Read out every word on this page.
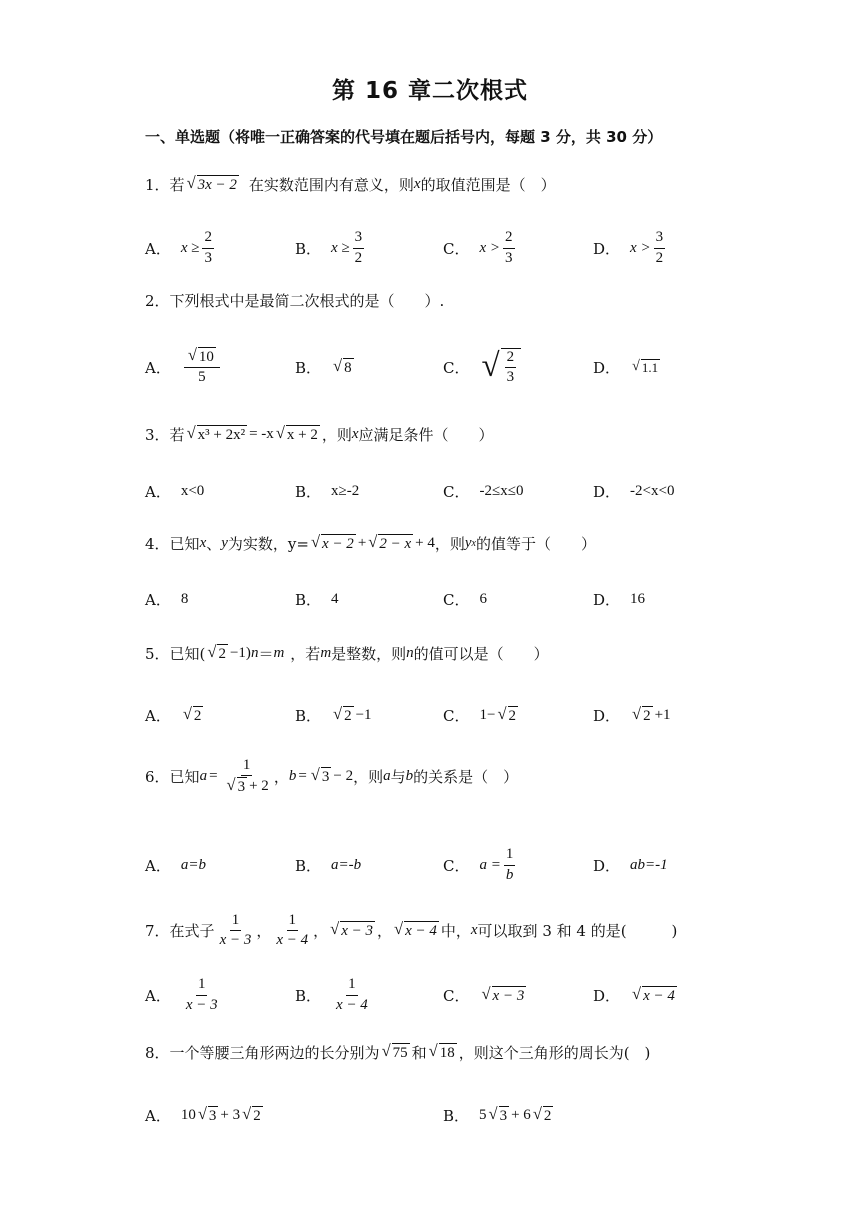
第 16 章二次根式
一、单选题（将唯一正确答案的代号填在题后括号内，每题 3 分，共 30 分）
1． 若 √ 3x − 2 在实数范围内有意义，则 x 的取值范围是（　）
A． $x \ge \frac{2}{3}$	B． $x \ge \frac{3}{2}$	C． $x > \frac{2}{3}$	D． $x > \frac{3}{2}$
2． 下列根式中是最简二次根式的是（　　）.
A． $\frac{√ 10}{5}$	B． √ 8	C． √ $\frac{2}{3}$	D． √ 1.1
3． 若 √ x³ + 2x² = -x √ x + 2 ，则 x 应满足条件（　　）
A． x<0	B． x≥-2	C． -2≤x≤0	D． -2<x<0
4． 已知 x 、 y 为实数，y= √ x − 2 + √ 2 − x + 4 ，则 y x 的值等于（　　）
A． 8	B． 4	C． 6	D． 16
5． 已知( √ 2 −1) n ＝ m ，若 m 是整数，则 n 的值可以是（　　）
A． √ 2	B． √ 2 −1	C． 1− √ 2	D． √ 2 +1
6． 已知 $a = \frac{1}{√ 3 + 2}$ ， b = √ 3 − 2 ，则 a 与 b 的关系是（　）
A． a=b	B． a=-b	C． $a = \frac{1}{b}$	D． ab=-1
7． 在式子 $\frac{1}{x - 3}$ ， $\frac{1}{x - 4}$ ， √ x − 3 ， √ x − 4 中， x 可以取到 3 和 4 的是(　　　)
A． $\frac{1}{x - 3}$	B． $\frac{1}{x - 4}$	C． √ x − 3	D． √ x − 4
8． 一个等腰三角形两边的长分别为 √ 75 和 √ 18 ，则这个三角形的周长为(　)
A． 10 √ 3 + 3 √ 2	B． 5 √ 3 + 6 √ 2
